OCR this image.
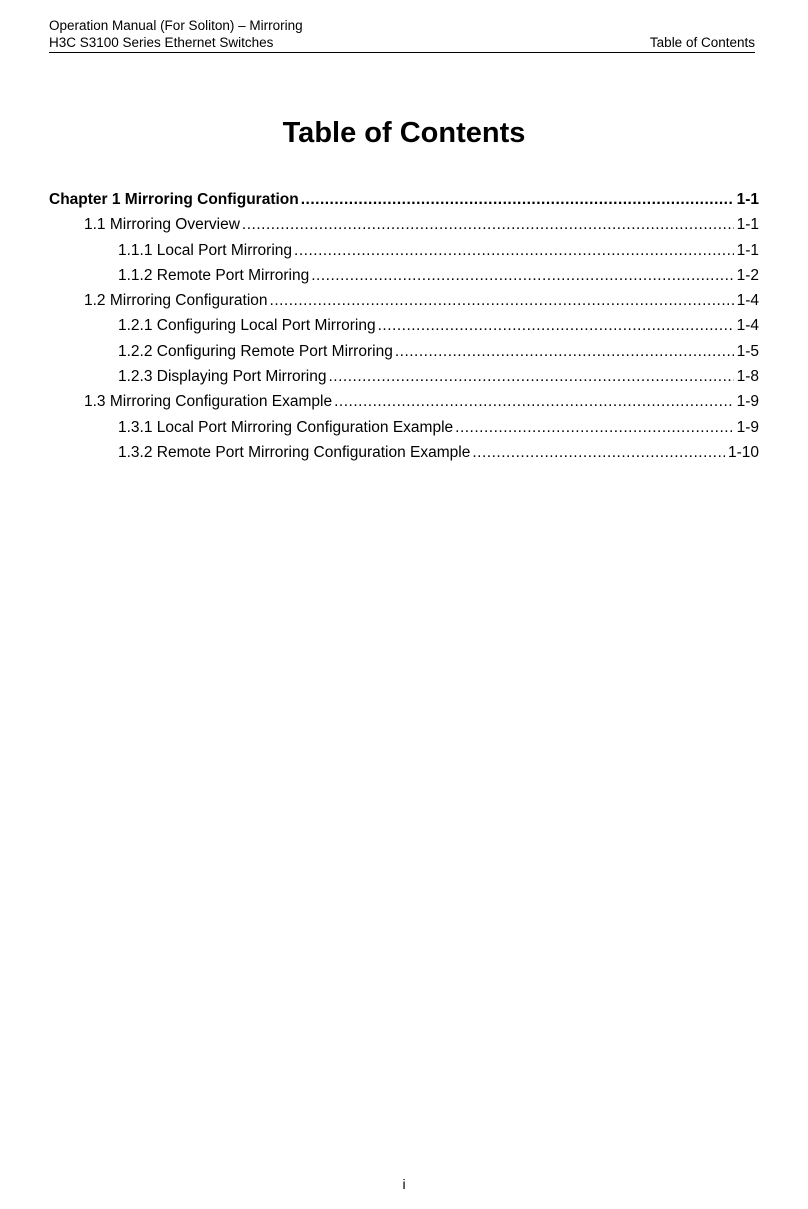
Operation Manual (For Soliton) – Mirroring
H3C S3100 Series Ethernet Switches	Table of Contents
Table of Contents
Chapter 1 Mirroring Configuration .....	1-1
1.1 Mirroring Overview .....	1-1
1.1.1 Local Port Mirroring .....	1-1
1.1.2 Remote Port Mirroring .....	1-2
1.2 Mirroring Configuration .....	1-4
1.2.1 Configuring Local Port Mirroring .....	1-4
1.2.2 Configuring Remote Port Mirroring .....	1-5
1.2.3 Displaying Port Mirroring .....	1-8
1.3 Mirroring Configuration Example .....	1-9
1.3.1 Local Port Mirroring Configuration Example .....	1-9
1.3.2 Remote Port Mirroring Configuration Example .....	1-10
i
